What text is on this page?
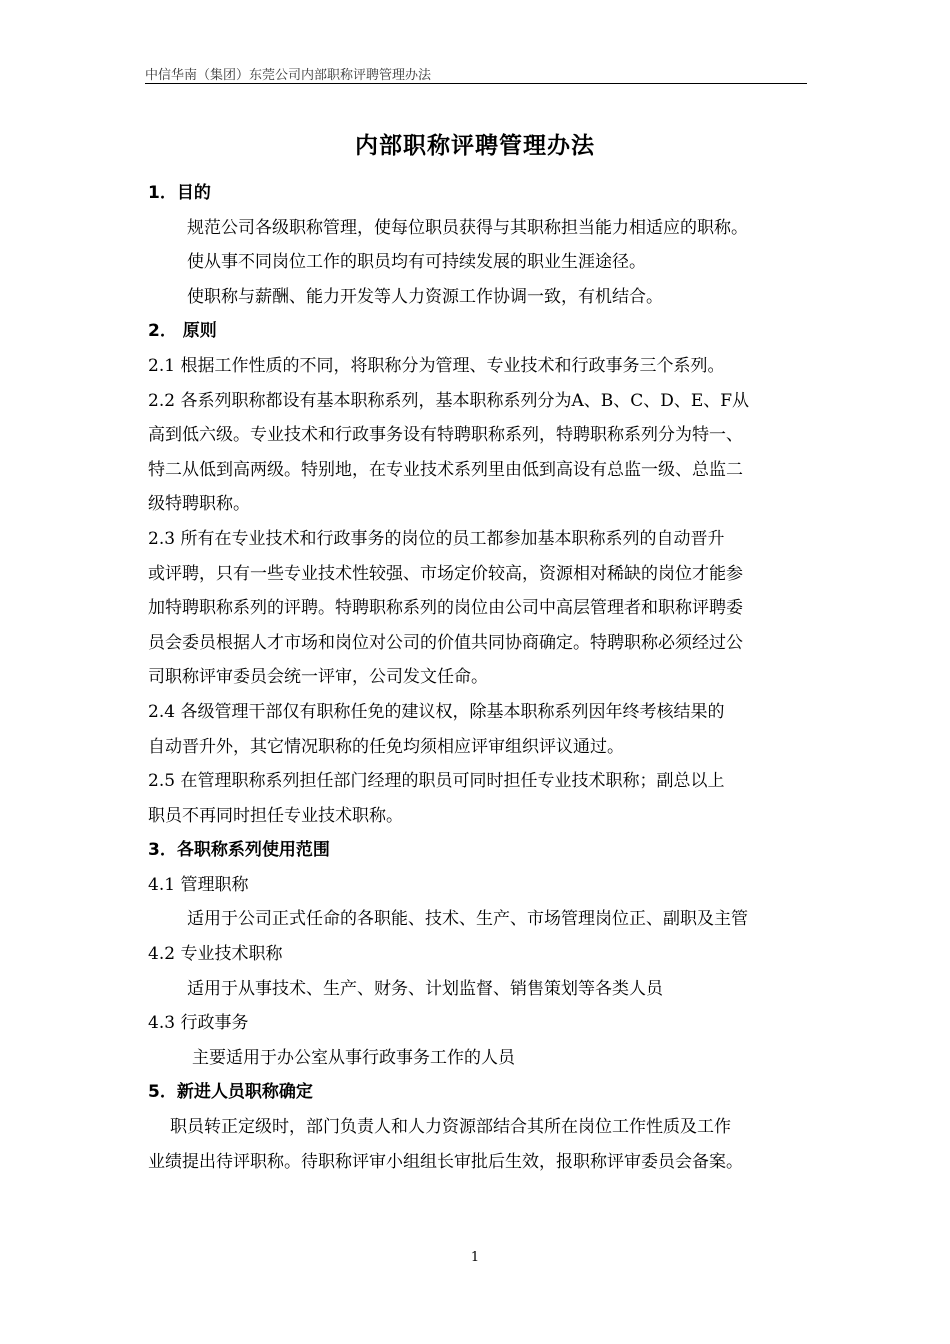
中信华南（集团）东莞公司内部职称评聘管理办法
内部职称评聘管理办法

1．目的

规范公司各级职称管理，使每位职员获得与其职称担当能力相适应的职称。

使从事不同岗位工作的职员均有可持续发展的职业生涯途径。

使职称与薪酬、能力开发等人力资源工作协调一致，有机结合。

2． 原则

2.1 根据工作性质的不同，将职称分为管理、专业技术和行政事务三个系列。

2.2 各系列职称都设有基本职称系列，基本职称系列分为A、B、C、D、E、F从

高到低六级。专业技术和行政事务设有特聘职称系列，特聘职称系列分为特一、

特二从低到高两级。特别地，在专业技术系列里由低到高设有总监一级、总监二

级特聘职称。

2.3 所有在专业技术和行政事务的岗位的员工都参加基本职称系列的自动晋升

或评聘，只有一些专业技术性较强、市场定价较高，资源相对稀缺的岗位才能参

加特聘职称系列的评聘。特聘职称系列的岗位由公司中高层管理者和职称评聘委

员会委员根据人才市场和岗位对公司的价值共同协商确定。特聘职称必须经过公

司职称评审委员会统一评审，公司发文任命。

2.4 各级管理干部仅有职称任免的建议权，除基本职称系列因年终考核结果的

自动晋升外，其它情况职称的任免均须相应评审组织评议通过。

2.5 在管理职称系列担任部门经理的职员可同时担任专业技术职称；副总以上

职员不再同时担任专业技术职称。

3．各职称系列使用范围

4.1 管理职称

适用于公司正式任命的各职能、技术、生产、市场管理岗位正、副职及主管

4.2 专业技术职称

适用于从事技术、生产、财务、计划监督、销售策划等各类人员

4.3 行政事务

主要适用于办公室从事行政事务工作的人员

5．新进人员职称确定

职员转正定级时，部门负责人和人力资源部结合其所在岗位工作性质及工作

业绩提出待评职称。待职称评审小组组长审批后生效，报职称评审委员会备案。

1
